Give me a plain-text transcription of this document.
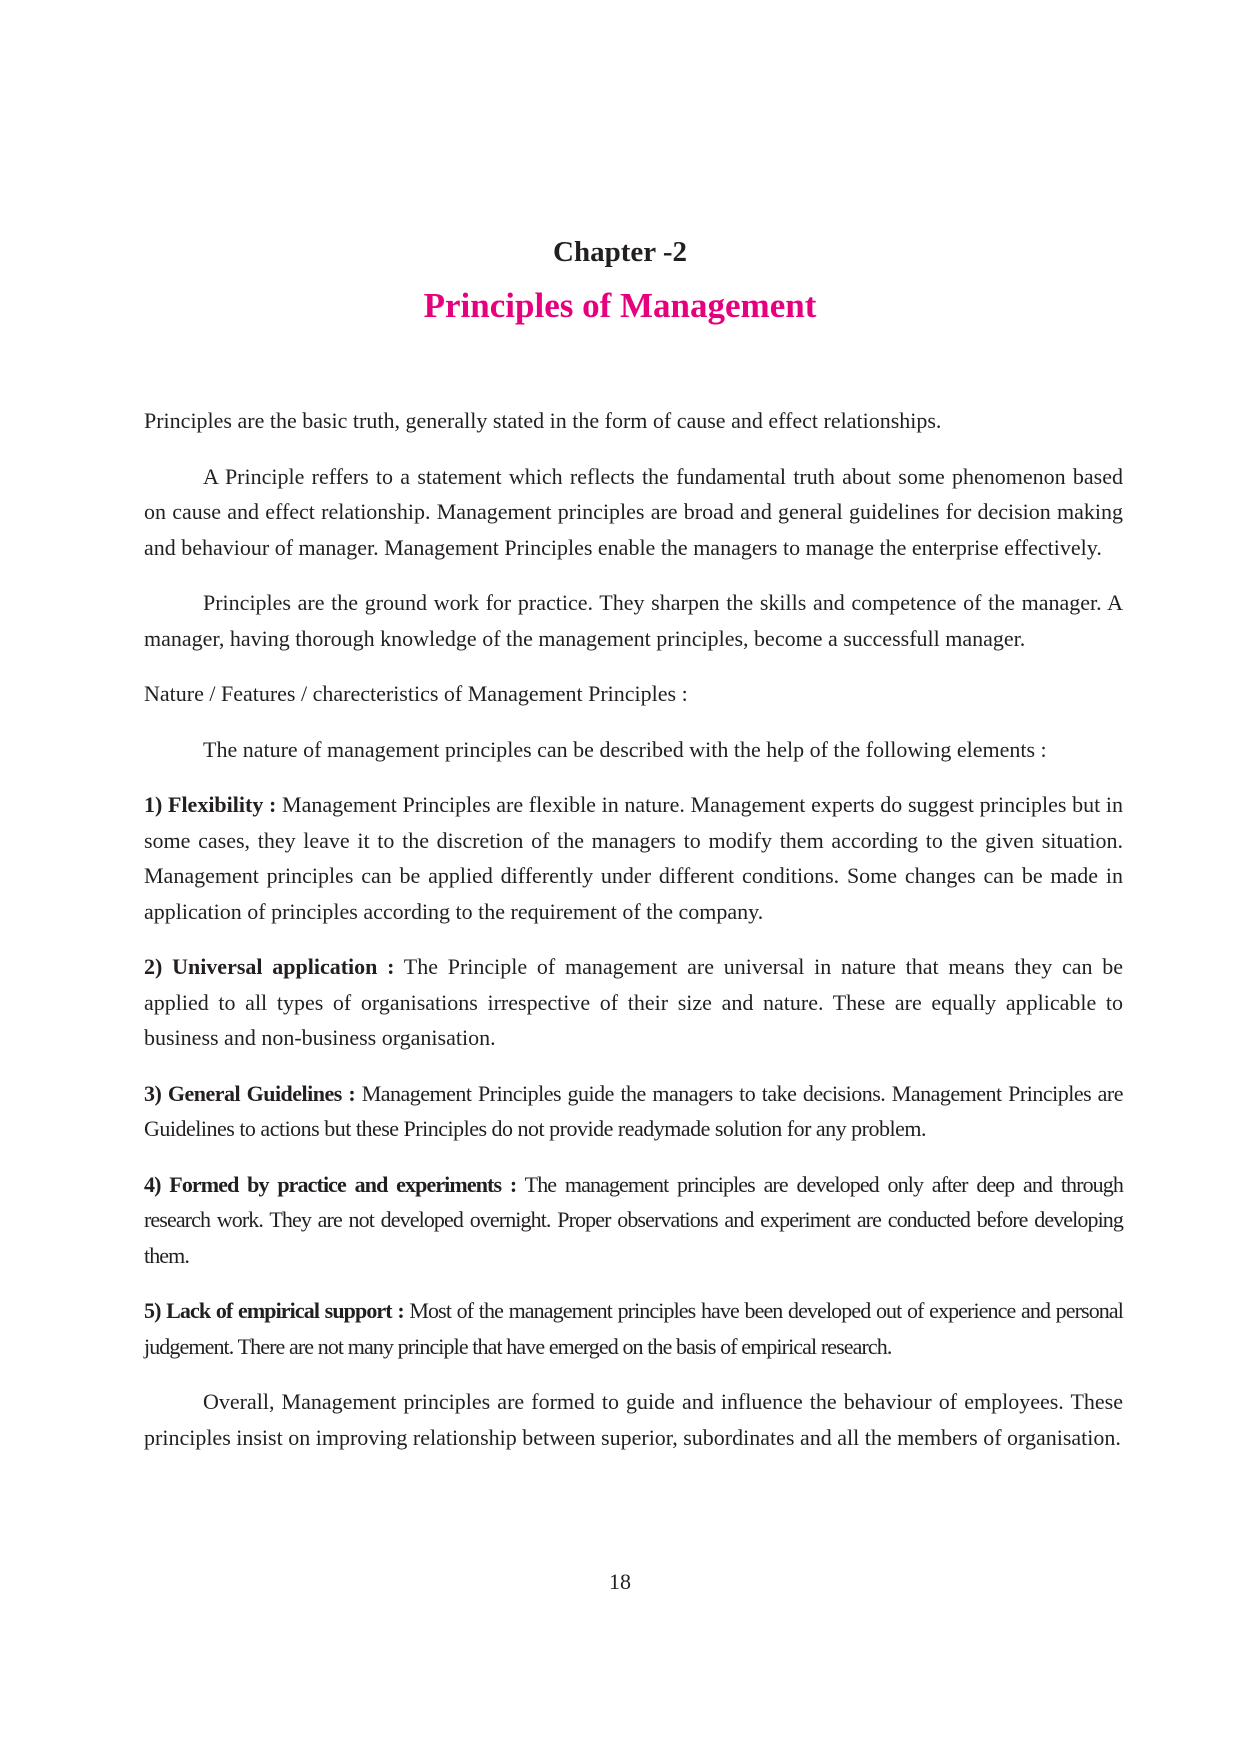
Chapter -2
Principles of Management

Principles are the basic truth, generally stated in the form of cause and effect relationships.

A Principle reffers to a statement which reflects the fundamental truth about some phenomenon based on cause and effect relationship. Management principles are broad and general guidelines for decision making and behaviour of manager. Management Principles enable the managers to manage the enterprise effectively.

Principles are the ground work for practice. They sharpen the skills and competence of the manager. A manager, having thorough knowledge of the management principles, become a successfull manager.

Nature / Features / charecteristics of Management Principles :

The nature of management principles can be described with the help of the following elements :

1) Flexibility : Management Principles are flexible in nature. Management experts do suggest principles but in some cases, they leave it to the discretion of the managers to modify them according to the given situation. Management principles can be applied differently under different conditions. Some changes can be made in application of principles according to the requirement of the company.

2) Universal application : The Principle of management are universal in nature that means they can be applied to all types of organisations irrespective of their size and nature. These are equally applicable to business and non-business organisation.

3) General Guidelines : Management Principles guide the managers to take decisions. Management Principles are Guidelines to actions but these Principles do not provide readymade solution for any problem.

4) Formed by practice and experiments : The management principles are developed only after deep and through research work. They are not developed overnight. Proper observations and experiment are conducted before developing them.

5) Lack of empirical support : Most of the management principles have been developed out of experience and personal judgement. There are not many principle that have emerged on the basis of empirical research.

Overall, Management principles are formed to guide and influence the behaviour of employees. These principles insist on improving relationship between superior, subordinates and all the members of organisation.

18
